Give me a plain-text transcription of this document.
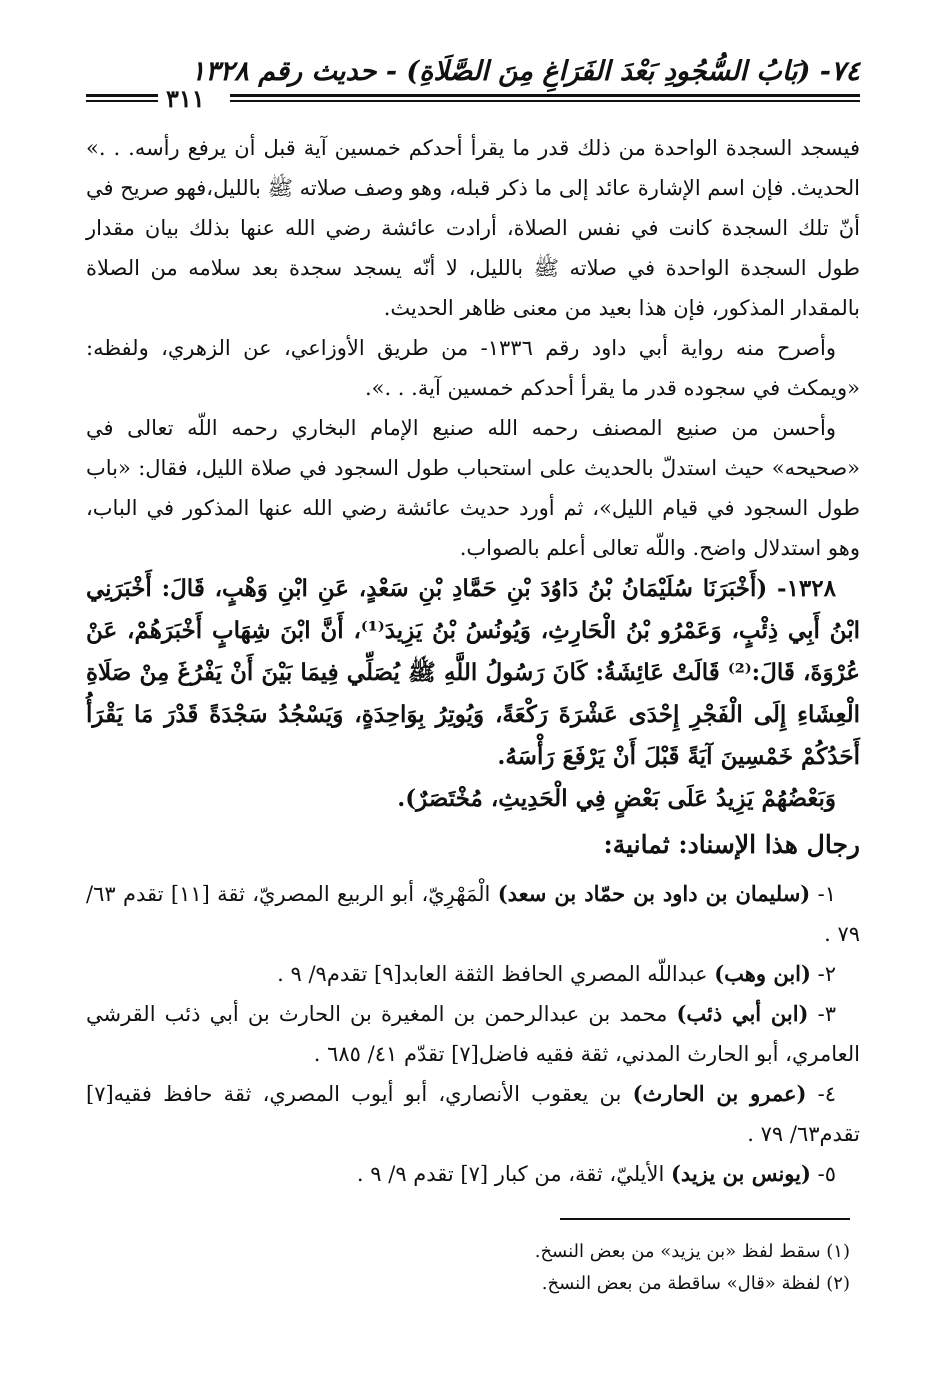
٧٤- (بَابُ السُّجُودِ بَعْدَ الفَرَاغِ مِنَ الصَّلَاةِ) - حديث رقم ١٣٢٨
٣١١

فيسجد السجدة الواحدة من ذلك قدر ما يقرأ أحدكم خمسين آية قبل أن يرفع رأسه. . .» الحديث. فإن اسم الإشارة عائد إلى ما ذكر قبله، وهو وصف صلاته ﷺ بالليل،فهو صريح في أنّ تلك السجدة كانت في نفس الصلاة، أرادت عائشة رضي الله عنها بذلك بيان مقدار طول السجدة الواحدة في صلاته ﷺ بالليل، لا أنّه يسجد سجدة بعد سلامه من الصلاة بالمقدار المذكور، فإن هذا بعيد من معنى ظاهر الحديث.

وأصرح منه رواية أبي داود رقم ١٣٣٦- من طريق الأوزاعي، عن الزهري، ولفظه: «ويمكث في سجوده قدر ما يقرأ أحدكم خمسين آية. . .».

وأحسن من صنيع المصنف رحمه الله صنيع الإمام البخاري رحمه اللّه تعالى في «صحيحه» حيث استدلّ بالحديث على استحباب طول السجود في صلاة الليل، فقال: «باب طول السجود في قيام الليل»، ثم أورد حديث عائشة رضي الله عنها المذكور في الباب، وهو استدلال واضح. واللّه تعالى أعلم بالصواب.

١٣٢٨- (أَخْبَرَنَا سُلَيْمَانُ بْنُ دَاوُدَ بْنِ حَمَّادِ بْنِ سَعْدٍ، عَنِ ابْنِ وَهْبٍ، قَالَ: أَخْبَرَنِي ابْنُ أَبِي ذِئْبٍ، وَعَمْرُو بْنُ الْحَارِثِ، وَيُونُسُ بْنُ يَزِيدَ⁽¹⁾، أَنَّ ابْنَ شِهَابٍ أَخْبَرَهُمْ، عَنْ عُرْوَةَ، قَالَ:⁽²⁾ قَالَتْ عَائِشَةُ: كَانَ رَسُولُ اللَّهِ ﷺ يُصَلِّي فِيمَا بَيْنَ أَنْ يَفْرُغَ مِنْ صَلَاةِ الْعِشَاءِ إِلَى الْفَجْرِ إِحْدَى عَشْرَةَ رَكْعَةً، وَيُوتِرُ بِوَاحِدَةٍ، وَيَسْجُدُ سَجْدَةً قَدْرَ مَا يَقْرَأُ أَحَدُكُمْ خَمْسِينَ آيَةً قَبْلَ أَنْ يَرْفَعَ رَأْسَهُ.

وَبَعْضُهُمْ يَزِيدُ عَلَى بَعْضٍ فِي الْحَدِيثِ، مُخْتَصَرٌ).

رجال هذا الإسناد: ثمانية:

١- (سليمان بن داود بن حمّاد بن سعد) الْمَهْرِيّ، أبو الربيع المصريّ، ثقة [١١] تقدم ٦٣/ ٧٩ .

٢- (ابن وهب) عبداللّه المصري الحافظ الثقة العابد[٩] تقدم٩/ ٩ .

٣- (ابن أبي ذئب) محمد بن عبدالرحمن بن المغيرة بن الحارث بن أبي ذئب القرشي العامري، أبو الحارث المدني، ثقة فقيه فاضل[٧] تقدّم ٤١/ ٦٨٥ .

٤- (عمرو بن الحارث) بن يعقوب الأنصاري، أبو أيوب المصري، ثقة حافظ فقيه[٧] تقدم٦٣/ ٧٩ .

٥- (يونس بن يزيد) الأيليّ، ثقة، من كبار [٧] تقدم ٩/ ٩ .

(١) سقط لفظ «بن يزيد» من بعض النسخ.

(٢) لفظة «قال» ساقطة من بعض النسخ.
